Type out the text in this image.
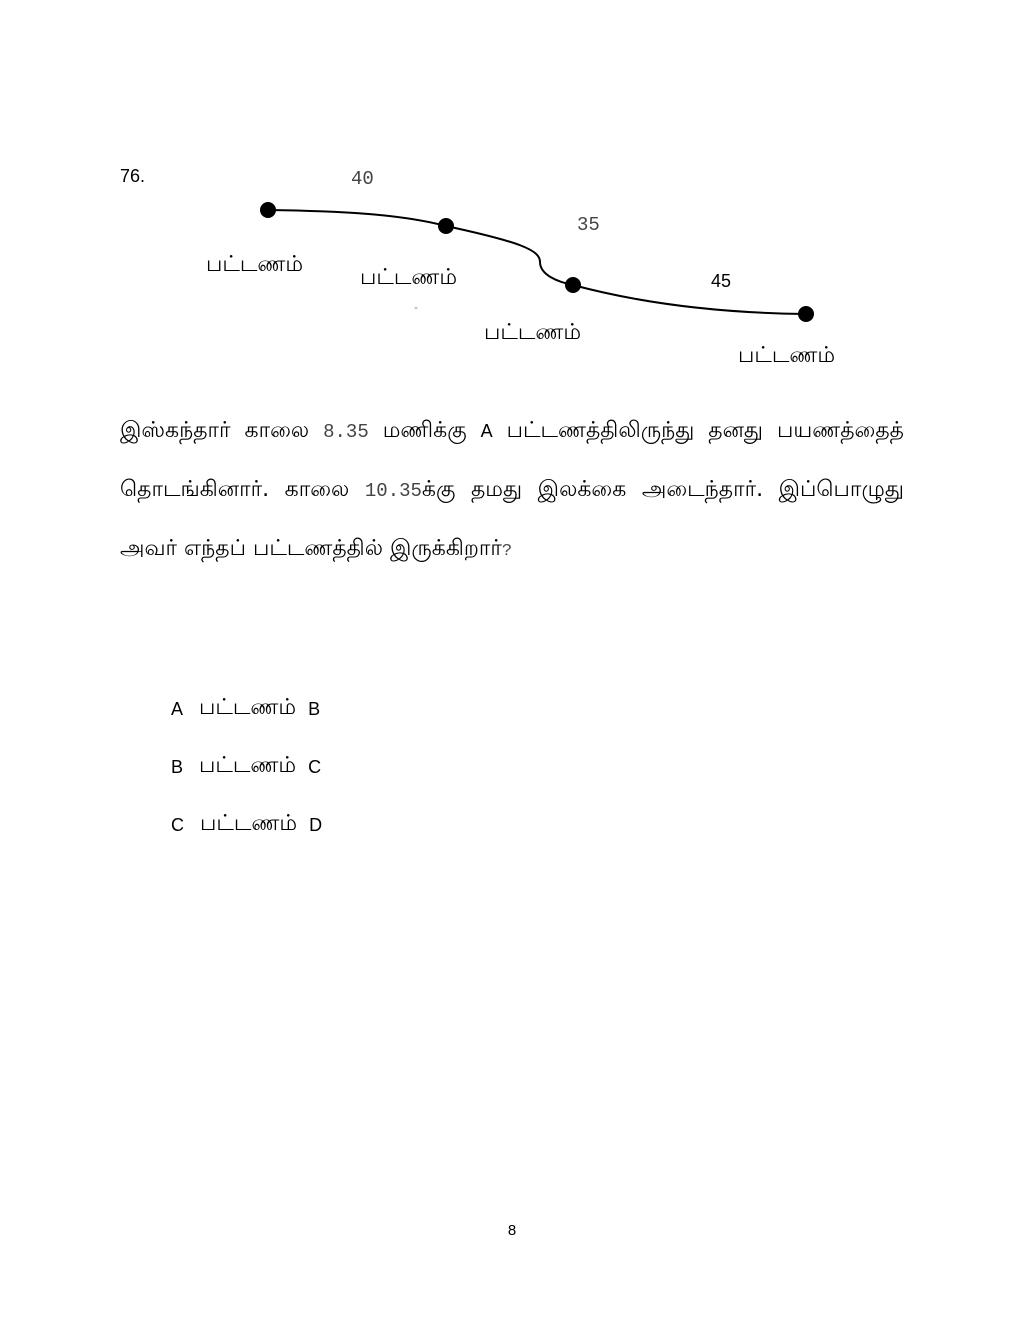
76.	40
35
45
பட்டணம்
பட்டணம்
பட்டணம்
பட்டணம்
-
இஸ்கந்தார் காலை 8.35 மணிக்கு A பட்டணத்திலிருந்து தனது பயணத்தைத் தொடங்கினார். காலை 10.35க்கு தமது இலக்கை அடைந்தார். இப்பொழுது அவர் எந்தப் பட்டணத்தில் இருக்கிறார்?
A பட்டணம் B
B பட்டணம் C
C பட்டணம் D
8
